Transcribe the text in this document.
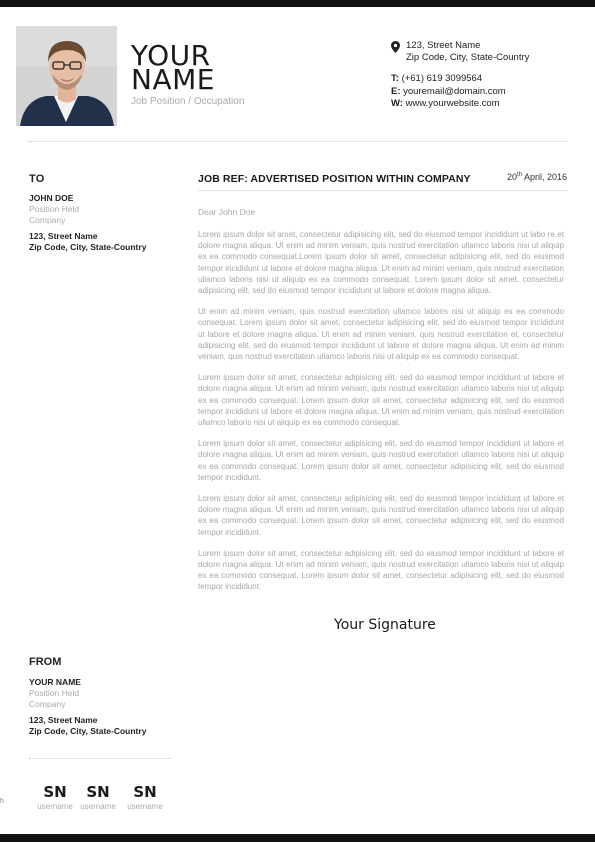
YOUR
NAME
Job Position / Occupation
123, Street Name
Zip Code, City, State-Country
T: (+61) 619 3099564
E: youremail@domain.com
W: www.yourwebsite.com
TO
JOHN DOE
Position Held
Company
123, Street Name
Zip Code, City, State-Country
JOB REF: ADVERTISED POSITION WITHIN COMPANY	20th April, 2016
Dear John Doe

Lorem ipsum dolor sit amet, consectetur adipisicing elit, sed do eiusmod tempor incididunt ut labo re et dolore magna aliqua. Ut enim ad minim veniam, quis nostrud exercitation ullamco laboris nisi ut aliquip ex ea commodo consequat.Lorem ipsum dolor sit amet, consectetur adipisicing elit, sed do eiusmod tempor incididunt ut labore et dolore magna aliqua. Ut enim ad minim veniam, quis nostrud exercitation ullamco laboris nisi ut aliquip ex ea commodo consequat. Lorem ipsum dolor sit amet, consectetur adipisicing elit, sed do eiusmod tempor incididunt ut labore et dolore magna aliqua.

Ut enim ad minim veniam, quis nostrud exercitation ullamco laboris nisi ut aliquip ex ea commodo consequat. Lorem ipsum dolor sit amet, consectetur adipisicing elit, sed do eiusmod tempor incididunt ut labore et dolore magna aliqua. Ut enim ad minim veniam, quis nostrud exercitation et, consectetur adipisicing elit, sed do eiusmod tempor incididunt ut labore et dolore magna aliqua. Ut enim ad minim veniam, quis nostrud exercitation ullamco laboris nisi ut aliquip ex ea commodo consequat.

Lorem ipsum dolor sit amet, consectetur adipisicing elit, sed do eiusmod tempor incididunt ut labore et dolore magna aliqua. Ut enim ad minim veniam, quis nostrud exercitation ullamco laboris nisi ut aliquip ex ea commodo consequat. Lorem ipsum dolor sit amet, consectetur adipisicing elit, sed do eiusmod tempor incididunt ut labore et dolore magna aliqua. Ut enim ad minim veniam, quis nostrud exercitation ullamco laboris nisi ut aliquip ex ea commodo consequat.

Lorem ipsum dolor sit amet, consectetur adipisicing elit, sed do eiusmod tempor incididunt ut labore et dolore magna aliqua. Ut enim ad minim veniam, quis nostrud exercitation ullamco laboris nisi ut aliquip ex ea commodo consequat. Lorem ipsum dolor sit amet, consectetur adipisicing elit, sed do eiusmod tempor incididunt.

Lorem ipsum dolor sit amet, consectetur adipisicing elit, sed do eiusmod tempor incididunt ut labore et dolore magna aliqua. Ut enim ad minim veniam, quis nostrud exercitation ullamco laboris nisi ut aliquip ex ea commodo consequat. Lorem ipsum dolor sit amet, consectetur adipisicing elit, sed do eiusmod tempor incididunt.

Lorem ipsum dolor sit amet, consectetur adipisicing elit, sed do eiusmod tempor incididunt ut labore et dolore magna aliqua. Ut enim ad minim veniam, quis nostrud exercitation ullamco laboris nisi ut aliquip ex ea commodo consequat. Lorem ipsum dolor sit amet, consectetur adipisicing elit, sed do eiusmod tempor incididunt.

Your Signature
FROM
YOUR NAME
Position Held
Company
123, Street Name
Zip Code, City, State-Country
SN
username
SN
username
SN
username
h
